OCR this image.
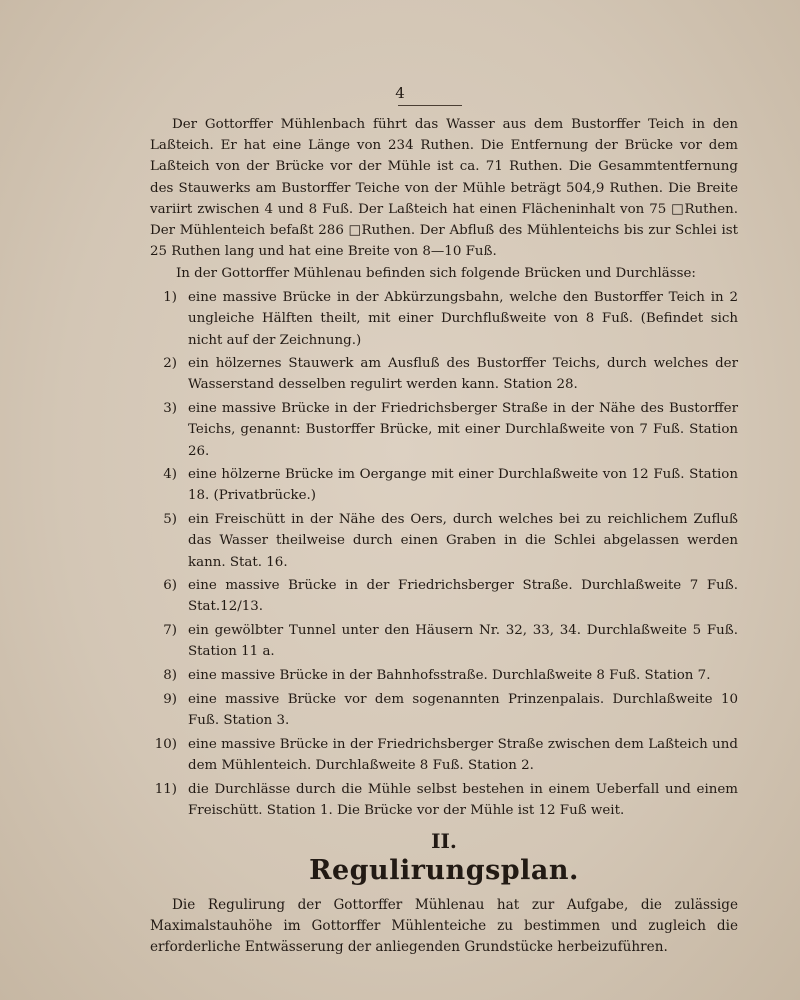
4

Der Gottorffer Mühlenbach führt das Wasser aus dem Bustorffer Teich in den Laßteich. Er hat eine Länge von 234 Ruthen. Die Entfernung der Brücke vor dem Laßteich von der Brücke vor der Mühle ist ca. 71 Ruthen. Die Gesammtentfernung des Stauwerks am Bustorffer Teiche von der Mühle beträgt 504,9 Ruthen. Die Breite variirt zwischen 4 und 8 Fuß. Der Laßteich hat einen Flächeninhalt von 75 □Ruthen. Der Mühlenteich befaßt 286 □Ruthen. Der Abfluß des Mühlenteichs bis zur Schlei ist 25 Ruthen lang und hat eine Breite von 8—10 Fuß.

In der Gottorffer Mühlenau befinden sich folgende Brücken und Durchlässe:

1) eine massive Brücke in der Abkürzungsbahn, welche den Bustorffer Teich in 2 ungleiche Hälften theilt, mit einer Durchflußweite von 8 Fuß. (Befindet sich nicht auf der Zeichnung.)
2) ein hölzernes Stauwerk am Ausfluß des Bustorffer Teichs, durch welches der Wasserstand desselben regulirt werden kann. Station 28.
3) eine massive Brücke in der Friedrichsberger Straße in der Nähe des Bustorffer Teichs, genannt: Bustorffer Brücke, mit einer Durchlaßweite von 7 Fuß. Station 26.
4) eine hölzerne Brücke im Oergange mit einer Durchlaßweite von 12 Fuß. Station 18. (Privatbrücke.)
5) ein Freischütt in der Nähe des Oers, durch welches bei zu reichlichem Zufluß das Wasser theilweise durch einen Graben in die Schlei abgelassen werden kann. Stat. 16.
6) eine massive Brücke in der Friedrichsberger Straße. Durchlaßweite 7 Fuß. Stat.12/13.
7) ein gewölbter Tunnel unter den Häusern Nr. 32, 33, 34. Durchlaßweite 5 Fuß. Station 11 a.
8) eine massive Brücke in der Bahnhofsstraße. Durchlaßweite 8 Fuß. Station 7.
9) eine massive Brücke vor dem sogenannten Prinzenpalais. Durchlaßweite 10 Fuß. Station 3.
10) eine massive Brücke in der Friedrichsberger Straße zwischen dem Laßteich und dem Mühlenteich. Durchlaßweite 8 Fuß. Station 2.
11) die Durchlässe durch die Mühle selbst bestehen in einem Ueberfall und einem Freischütt. Station 1. Die Brücke vor der Mühle ist 12 Fuß weit.

II.

Regulirungsplan.

Die Regulirung der Gottorffer Mühlenau hat zur Aufgabe, die zulässige Maximalstauhöhe im Gottorffer Mühlenteiche zu bestimmen und zugleich die erforderliche Entwässerung der anliegenden Grundstücke herbeizuführen.
